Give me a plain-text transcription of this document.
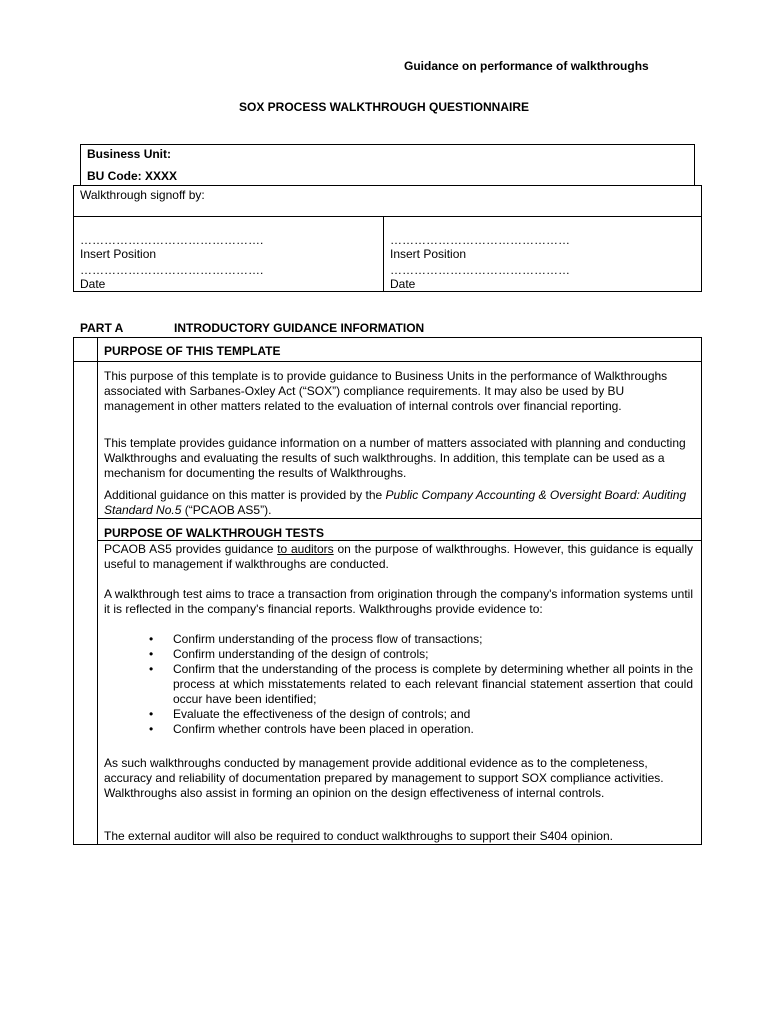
Guidance on performance of walkthroughs
SOX PROCESS WALKTHROUGH QUESTIONNAIRE
Business Unit:
BU Code: XXXX
Walkthrough signoff by:
……………………………………….
Insert Position
……………………………………….
Date
………………………………………
Insert Position
………………………………………
Date
PART A	INTRODUCTORY GUIDANCE INFORMATION
PURPOSE OF THIS TEMPLATE
This purpose of this template is to provide guidance to Business Units in the performance of Walkthroughs associated with Sarbanes-Oxley Act (“SOX”) compliance requirements. It may also be used by BU management in other matters related to the evaluation of internal controls over financial reporting.
This template provides guidance information on a number of matters associated with planning and conducting Walkthroughs and evaluating the results of such walkthroughs. In addition, this template can be used as a mechanism for documenting the results of Walkthroughs.
Additional guidance on this matter is provided by the Public Company Accounting & Oversight Board: Auditing Standard No.5 (“PCAOB AS5”).
PURPOSE OF WALKTHROUGH TESTS
PCAOB AS5 provides guidance to auditors on the purpose of walkthroughs. However, this guidance is equally useful to management if walkthroughs are conducted.
A walkthrough test aims to trace a transaction from origination through the company's information systems until it is reflected in the company's financial reports. Walkthroughs provide evidence to:
• Confirm understanding of the process flow of transactions;
• Confirm understanding of the design of controls;
• Confirm that the understanding of the process is complete by determining whether all points in the process at which misstatements related to each relevant financial statement assertion that could occur have been identified;
• Evaluate the effectiveness of the design of controls; and
• Confirm whether controls have been placed in operation.
As such walkthroughs conducted by management provide additional evidence as to the completeness, accuracy and reliability of documentation prepared by management to support SOX compliance activities. Walkthroughs also assist in forming an opinion on the design effectiveness of internal controls.
The external auditor will also be required to conduct walkthroughs to support their S404 opinion.
